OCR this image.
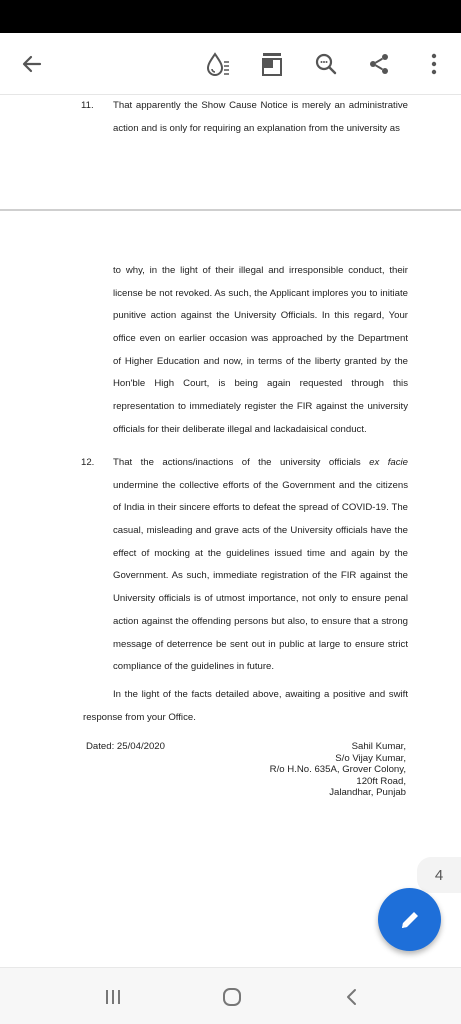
11. That apparently the Show Cause Notice is merely an administrative
action and is only for requiring an explanation from the university as
to why, in the light of their illegal and irresponsible conduct, their
license be not revoked. As such, the Applicant implores you to initiate
punitive action against the University Officials. In this regard, Your
office even on earlier occasion was approached by the Department
of Higher Education and now, in terms of the liberty granted by the
Hon'ble High Court, is being again requested through this
representation to immediately register the FIR against the university
officials for their deliberate illegal and lackadaisical conduct.
12. That the actions/inactions of the university officials ex facie
undermine the collective efforts of the Government and the citizens
of India in their sincere efforts to defeat the spread of COVID-19. The
casual, misleading and grave acts of the University officials have the
effect of mocking at the guidelines issued time and again by the
Government. As such, immediate registration of the FIR against the
University officials is of utmost importance, not only to ensure penal
action against the offending persons but also, to ensure that a strong
message of deterrence be sent out in public at large to ensure strict
compliance of the guidelines in future.
In the light of the facts detailed above, awaiting a positive and swift
response from your Office.
Dated: 25/04/2020	Sahil Kumar,
S/o Vijay Kumar,
R/o H.No. 635A, Grover Colony,
120ft Road,
Jalandhar, Punjab
4
